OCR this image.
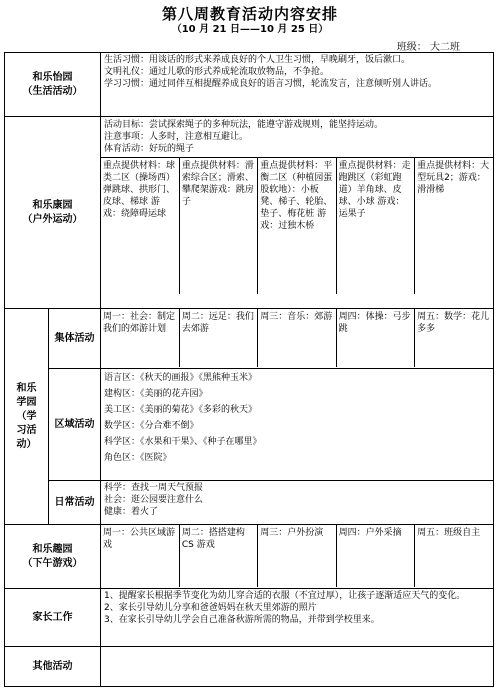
第八周教育活动内容安排
（10 月 21 日——10 月 25 日）
班级： 大二班
和乐怡园
（生活活动）

生活习惯：用谈话的形式来养成良好的个人卫生习惯，早晚刷牙，饭后漱口。
文明礼仪：通过儿歌的形式养成轮流取放物品，不争抢。
学习习惯：通过同伴互相提醒养成良好的语言习惯，轮流发言，注意倾听别人讲话。

和乐康园
（户外运动）

活动目标：尝试探索绳子的多种玩法，能遵守游戏规则，能坚持运动。
注意事项：人多时，注意相互避让。
体育活动：好玩的绳子
重点提供材料：球类二区（操场西）弹跳球、拱形门、皮球、梯球 游戏：绕障碍运球	重点提供材料：滑索综合区；滑索、攀爬架游戏：跳房子	重点提供材料：平衡二区（种植园蛋股软地）：小板凳、梯子、轮胎、垫子、梅花桩 游戏：过独木桥	重点提供材料：走跑跳区（彩虹跑道）羊角球、皮球、小球 游戏：运果子	重点提供材料：大型玩具2；游戏：滑滑梯

和乐
学园
（学
习活
动）
	集体活动	
周一：社会：制定我们的郊游计划	周二：远足：我们去郊游	周三：音乐：郊游	周四：体操：弓步跳	周五：数学：花儿多多

区域活动	
语言区：《秋天的画报》《黑熊种玉米》
建构区：《美丽的花卉园》
美工区：《美丽的菊花》《多彩的秋天》
数学区：《分合难不倒》
科学区：《水果和干果》、《种子在哪里》
角色区：《医院》

日常活动	
科学：查找一周天气预报
社会：逛公园要注意什么
健康：着火了

和乐趣园
（下午游戏）

周一：公共区域游戏	周二：搭搭建构 CS 游戏	周三：户外扮演	周四：户外采摘	周五：班级自主

家长工作	
1、提醒家长根据季节变化为幼儿穿合适的衣服（不宜过厚），让孩子逐渐适应天气的变化。
2、家长引导幼儿分享和爸爸妈妈在秋天里郊游的照片
3、在家长引导幼儿学会自己准备秋游所需的物品，并带到学校里来。

其他活动	
